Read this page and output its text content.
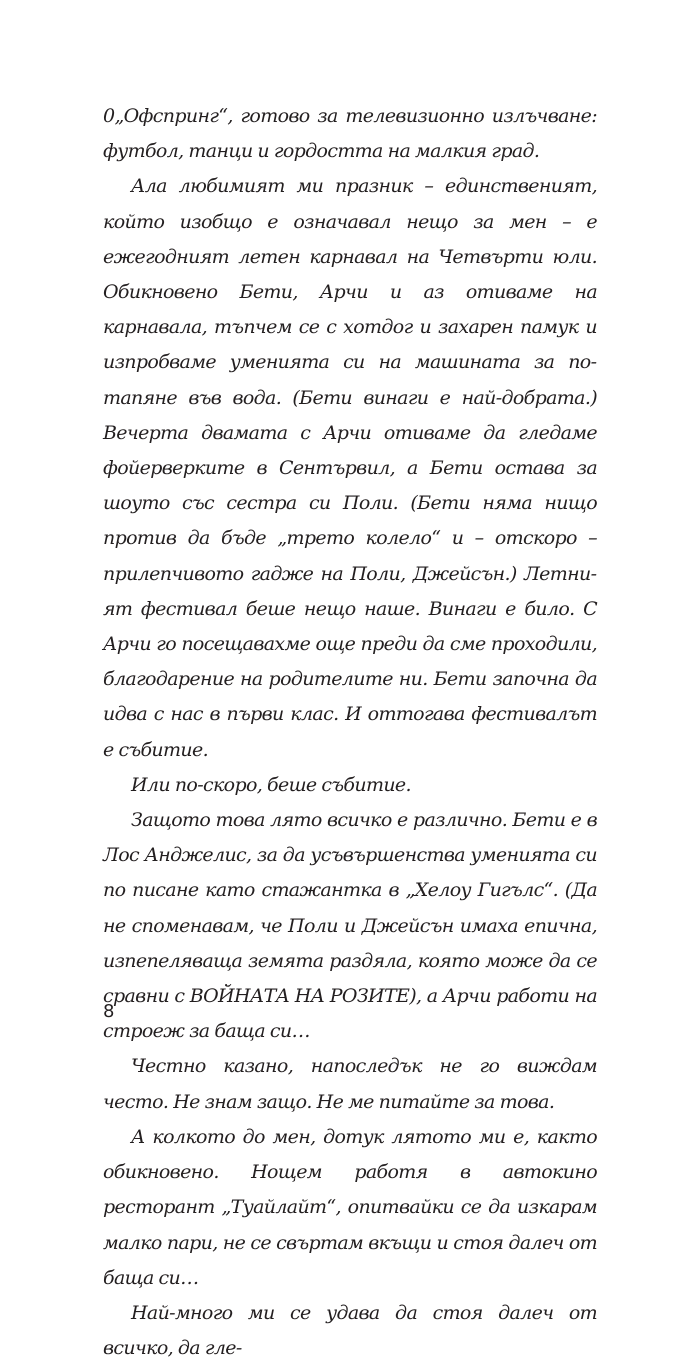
0„Офспринг“, готово за телевизионно излъчване: футбол, танци и гордостта на малкия град.

Ала любимият ми празник – единственият, който изобщо е означавал нещо за мен – е ежегодният летен карнавал на Четвърти юли. Обикновено Бети, Арчи и аз отиваме на карнавала, тъпчем се с хотдог и захарен памук и изпробваме уменията си на машината за потапяне във вода. (Бети винаги е най-добрата.) Вечерта двамата с Арчи отиваме да гледаме фойерверките в Сентървил, а Бети остава за шоуто със сестра си Поли. (Бети няма нищо против да бъде „трето колело“ и – отскоро – прилепчивото гадже на Поли, Джейсън.) Летният фестивал беше нещо наше. Винаги е било. С Арчи го посещавахме още преди да сме проходили, благодарение на родителите ни. Бети започна да идва с нас в първи клас. И оттогава фестивалът е събитие.

Или по-скоро, беше събитие.

Защото това лято всичко е различно. Бети е в Лос Анджелис, за да усъвършенства уменията си по писане като стажантка в „Хелоу Гигълс“. (Да не споменавам, че Поли и Джейсън имаха епична, изпепеляваща земята раздяла, която може да се сравни с ВОЙНАТА НА РОЗИТЕ), а Арчи работи на строеж за баща си…

Честно казано, напоследък не го виждам често. Не знам защо. Не ме питайте за това.

А колкото до мен, дотук лятото ми е, както обикновено. Нощем работя в автокино ресторант „Туайлайт“, опитвайки се да изкарам малко пари, не се свъртам вкъщи и стоя далеч от баща си…

Най-много ми се удава да стоя далеч от всичко, да гле-

8
